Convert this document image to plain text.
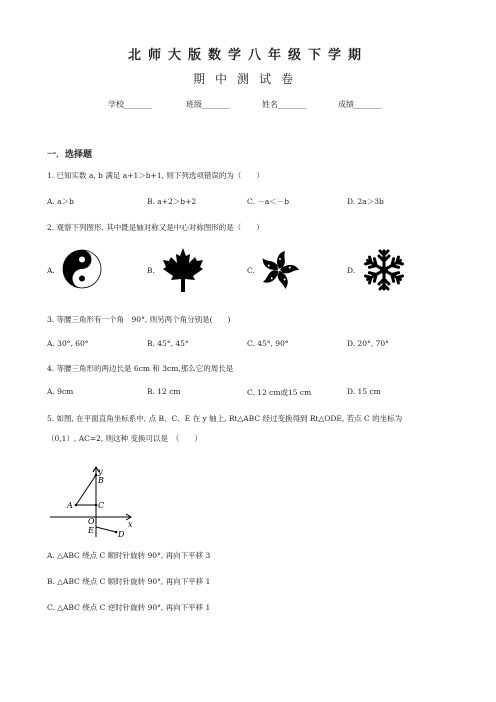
北师大版数学八年级下学期
期中测试卷
学校_______	班级_______	姓名_______	成绩_______
一．选择题
1. 已知实数 a, b 满足 a+1＞b+1, 则下列选项错误的为（　　）
A. a＞b	B. a+2＞b+2	C. －a＜－b	D. 2a＞3b
2. 观察下列图形, 其中既是轴对称又是中心对称图形的是（　　）
A.	B.	C.	D.
3. 等腰三角形有一个角　90°, 则另两个角分别是(　　)
A. 30°, 60°	B. 45°, 45°	C. 45°, 90°	D. 20°, 70°
4. 等腰三角形的两边长是 6cm 和 3cm,那么它的周长是
A. 9cm	B. 12 cm	C. 12 cm或15 cm	D. 15 cm
5. 如图, 在平面直角坐标系中, 点 B、C、E 在 y 轴上, Rt△ABC 经过变换得到 Rt△ODE, 若点 C 的坐标为
（0,1）, AC=2, 则这种 变换可以是　（　　）
y
B
A	C
O	x
E	D
A. △ABC 绕点 C 顺时针旋转 90°, 再向下平移 3
B. △ABC 绕点 C 顺时针旋转 90°, 再向下平移 1
C. △ABC 绕点 C 逆时针旋转 90°, 再向下平移 1
